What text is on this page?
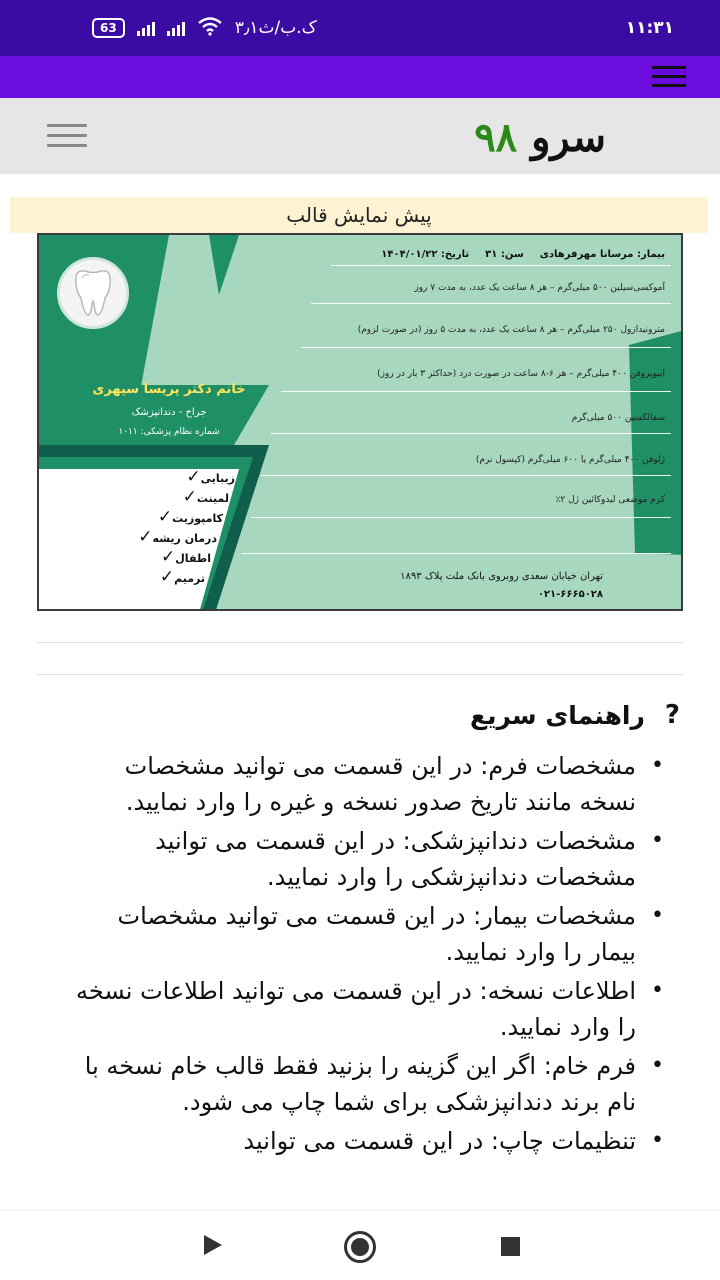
63	۳٫۱ک.ب/ث	۱۱:۳۱
سرو ۹۸
پیش نمایش قالب
خانم دکتر پریسا سپهری
جراح - دندانپزشک
شماره نظام پزشکی: ۱۰۱۱
زیبایی✓
لمینت✓
کامپوزیت✓
درمان ریشه✓
اطفال✓
ترمیم✓
بیمار: مرسانا مهرفرهادی
سن: ۳۱
تاریخ: ۱۴۰۴/۰۱/۲۲
آموکسی‌سیلین ۵۰۰ میلی‌گرم – هر ۸ ساعت یک عدد، به مدت ۷ روز
مترونیدازول ۲۵۰ میلی‌گرم – هر ۸ ساعت یک عدد، به مدت ۵ روز (در صورت لزوم)
ایبوپروفن ۴۰۰ میلی‌گرم – هر ۶-۸ ساعت در صورت درد (حداکثر ۳ بار در روز)
سفالکسین ۵۰۰ میلی‌گرم
ژلوفن ۴۰۰ میلی‌گرم یا ۶۰۰ میلی‌گرم (کپسول نرم)
کرم موضعی لیدوکائین ژل ۲٪
تهران خیابان سعدی روبروی بانک ملت پلاک ۱۸۹۳
۰۲۱-۶۶۶۵۰۲۸
?
راهنمای سریع
• مشخصات فرم: در این قسمت می توانید مشخصات نسخه مانند تاریخ صدور نسخه و غیره را وارد نمایید.
• مشخصات دندانپزشکی: در این قسمت می توانید مشخصات دندانپزشکی را وارد نمایید.
• مشخصات بیمار: در این قسمت می توانید مشخصات بیمار را وارد نمایید.
• اطلاعات نسخه: در این قسمت می توانید اطلاعات نسخه را وارد نمایید.
• فرم خام: اگر این گزینه را بزنید فقط قالب خام نسخه با نام برند دندانپزشکی برای شما چاپ می شود.
• تنظیمات چاپ: در این قسمت می توانید
